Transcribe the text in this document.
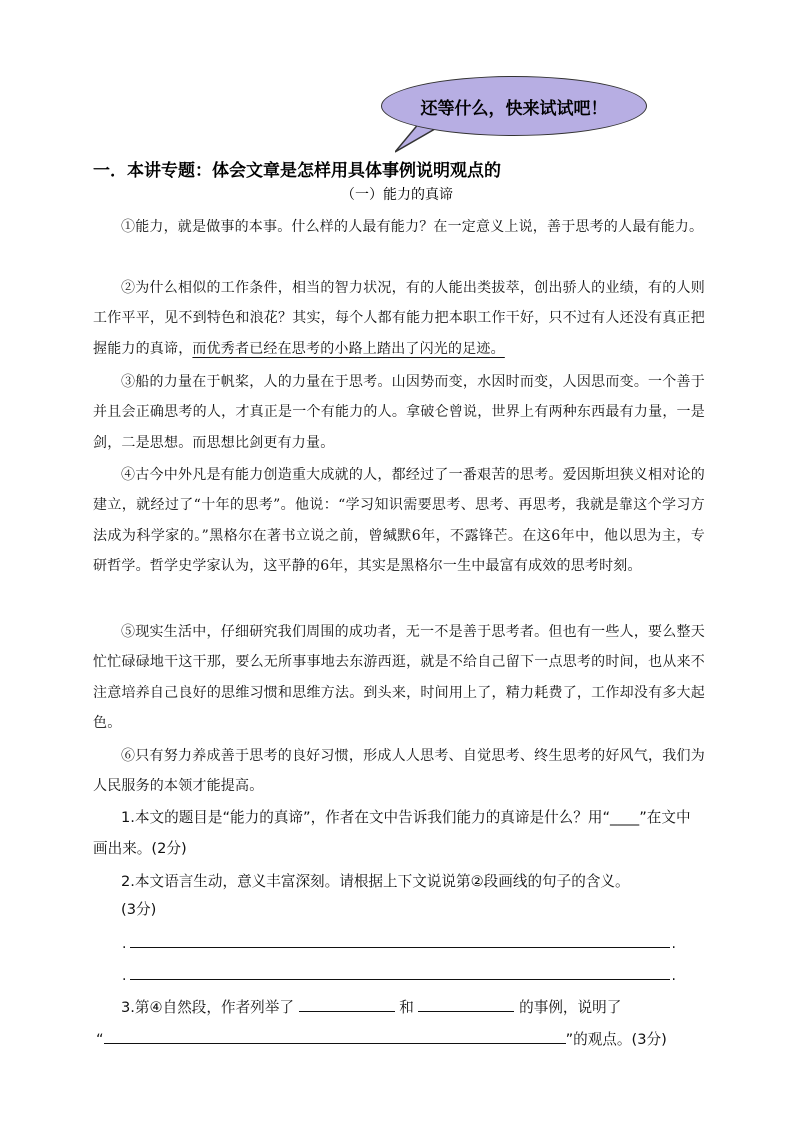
还等什么，快来试试吧！
一．本讲专题：体会文章是怎样用具体事例说明观点的
（一）能力的真谛

①能力，就是做事的本事。什么样的人最有能力？在一定意义上说，善于思考的人最有能力。

②为什么相似的工作条件，相当的智力状况，有的人能出类拔萃，创出骄人的业绩，有的人则工作平平，见不到特色和浪花？其实，每个人都有能力把本职工作干好，只不过有人还没有真正把握能力的真谛，而优秀者已经在思考的小路上踏出了闪光的足迹。

③船的力量在于帆桨，人的力量在于思考。山因势而变，水因时而变，人因思而变。一个善于并且会正确思考的人，才真正是一个有能力的人。拿破仑曾说，世界上有两种东西最有力量，一是剑，二是思想。而思想比剑更有力量。

④古今中外凡是有能力创造重大成就的人，都经过了一番艰苦的思考。爱因斯坦狭义相对论的建立，就经过了“十年的思考”。他说：“学习知识需要思考、思考、再思考，我就是靠这个学习方法成为科学家的。”黑格尔在著书立说之前，曾缄默6年，不露锋芒。在这6年中，他以思为主，专研哲学。哲学史学家认为，这平静的6年，其实是黑格尔一生中最富有成效的思考时刻。

⑤现实生活中，仔细研究我们周围的成功者，无一不是善于思考者。但也有一些人，要么整天忙忙碌碌地干这干那，要么无所事事地去东游西逛，就是不给自己留下一点思考的时间，也从来不注意培养自己良好的思维习惯和思维方法。到头来，时间用上了，精力耗费了，工作却没有多大起色。

⑥只有努力养成善于思考的良好习惯，形成人人思考、自觉思考、终生思考的好风气，我们为人民服务的本领才能提高。

1.本文的题目是“能力的真谛”，作者在文中告诉我们能力的真谛是什么？用“____”在文中画出来。(2分)

2.本文语言生动，意义丰富深刻。请根据上下文说说第②段画线的句子的含义。

(3分)
.	.
.	.
3.第④自然段，作者列举了	和	的事例，说明了
“	”的观点。(3分)
